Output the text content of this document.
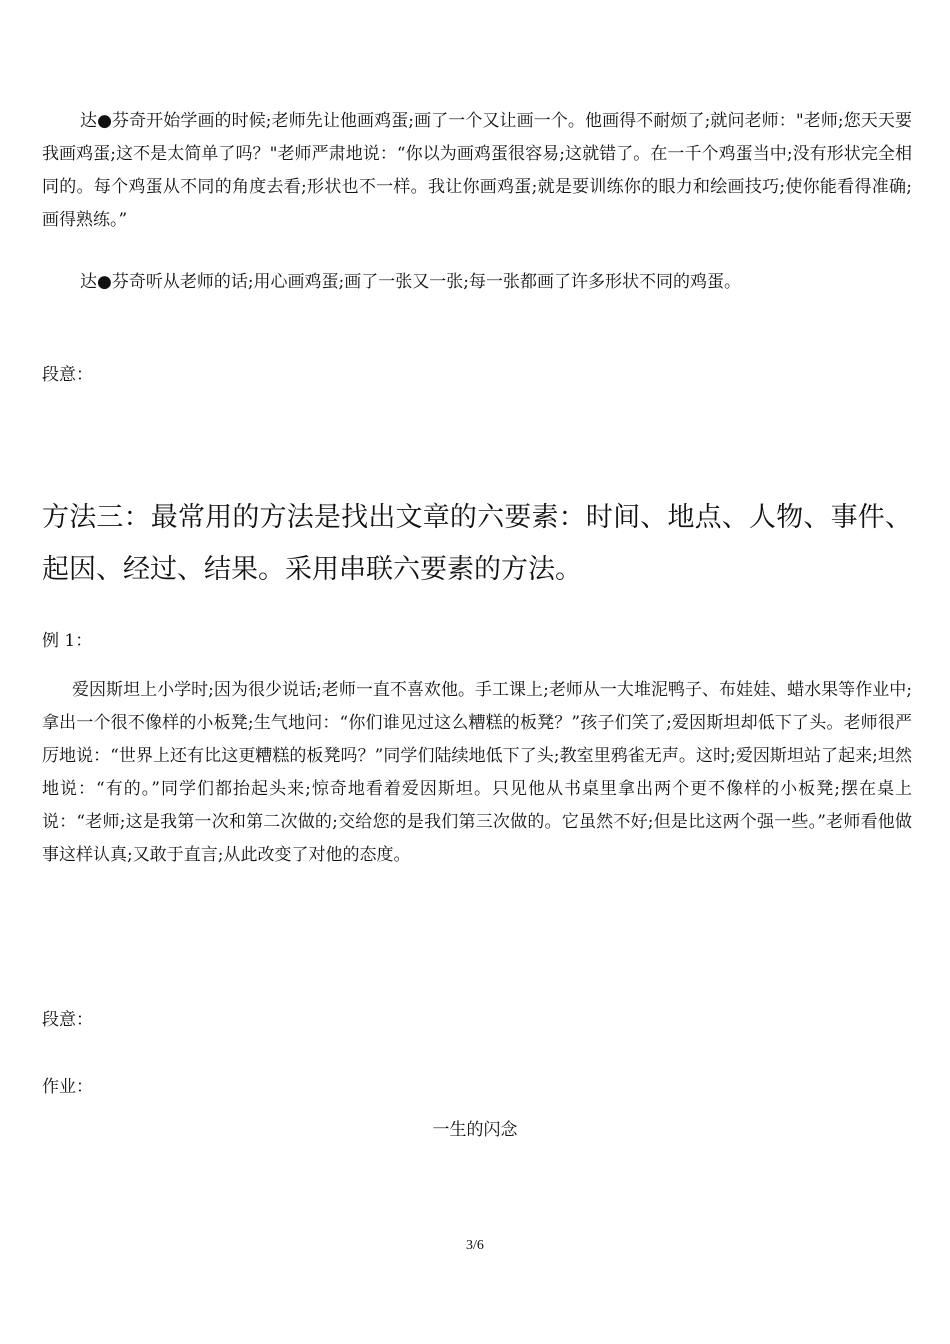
达●芬奇开始学画的时候;老师先让他画鸡蛋;画了一个又让画一个。他画得不耐烦了;就问老师："老师;您天天要我画鸡蛋;这不是太简单了吗？"老师严肃地说：“你以为画鸡蛋很容易;这就错了。在一千个鸡蛋当中;没有形状完全相同的。每个鸡蛋从不同的角度去看;形状也不一样。我让你画鸡蛋;就是要训练你的眼力和绘画技巧;使你能看得准确;画得熟练。”

达●芬奇听从老师的话;用心画鸡蛋;画了一张又一张;每一张都画了许多形状不同的鸡蛋。

段意：

方法三：最常用的方法是找出文章的六要素：时间、地点、人物、事件、起因、经过、结果。采用串联六要素的方法。

例 1：

爱因斯坦上小学时;因为很少说话;老师一直不喜欢他。手工课上;老师从一大堆泥鸭子、布娃娃、蜡水果等作业中;拿出一个很不像样的小板凳;生气地问：“你们谁见过这么糟糕的板凳？”孩子们笑了;爱因斯坦却低下了头。老师很严厉地说：“世界上还有比这更糟糕的板凳吗？”同学们陆续地低下了头;教室里鸦雀无声。这时;爱因斯坦站了起来;坦然地说：“有的。”同学们都抬起头来;惊奇地看着爱因斯坦。只见他从书桌里拿出两个更不像样的小板凳;摆在桌上说：“老师;这是我第一次和第二次做的;交给您的是我们第三次做的。它虽然不好;但是比这两个强一些。”老师看他做事这样认真;又敢于直言;从此改变了对他的态度。

段意：

作业：

一生的闪念

3/6
